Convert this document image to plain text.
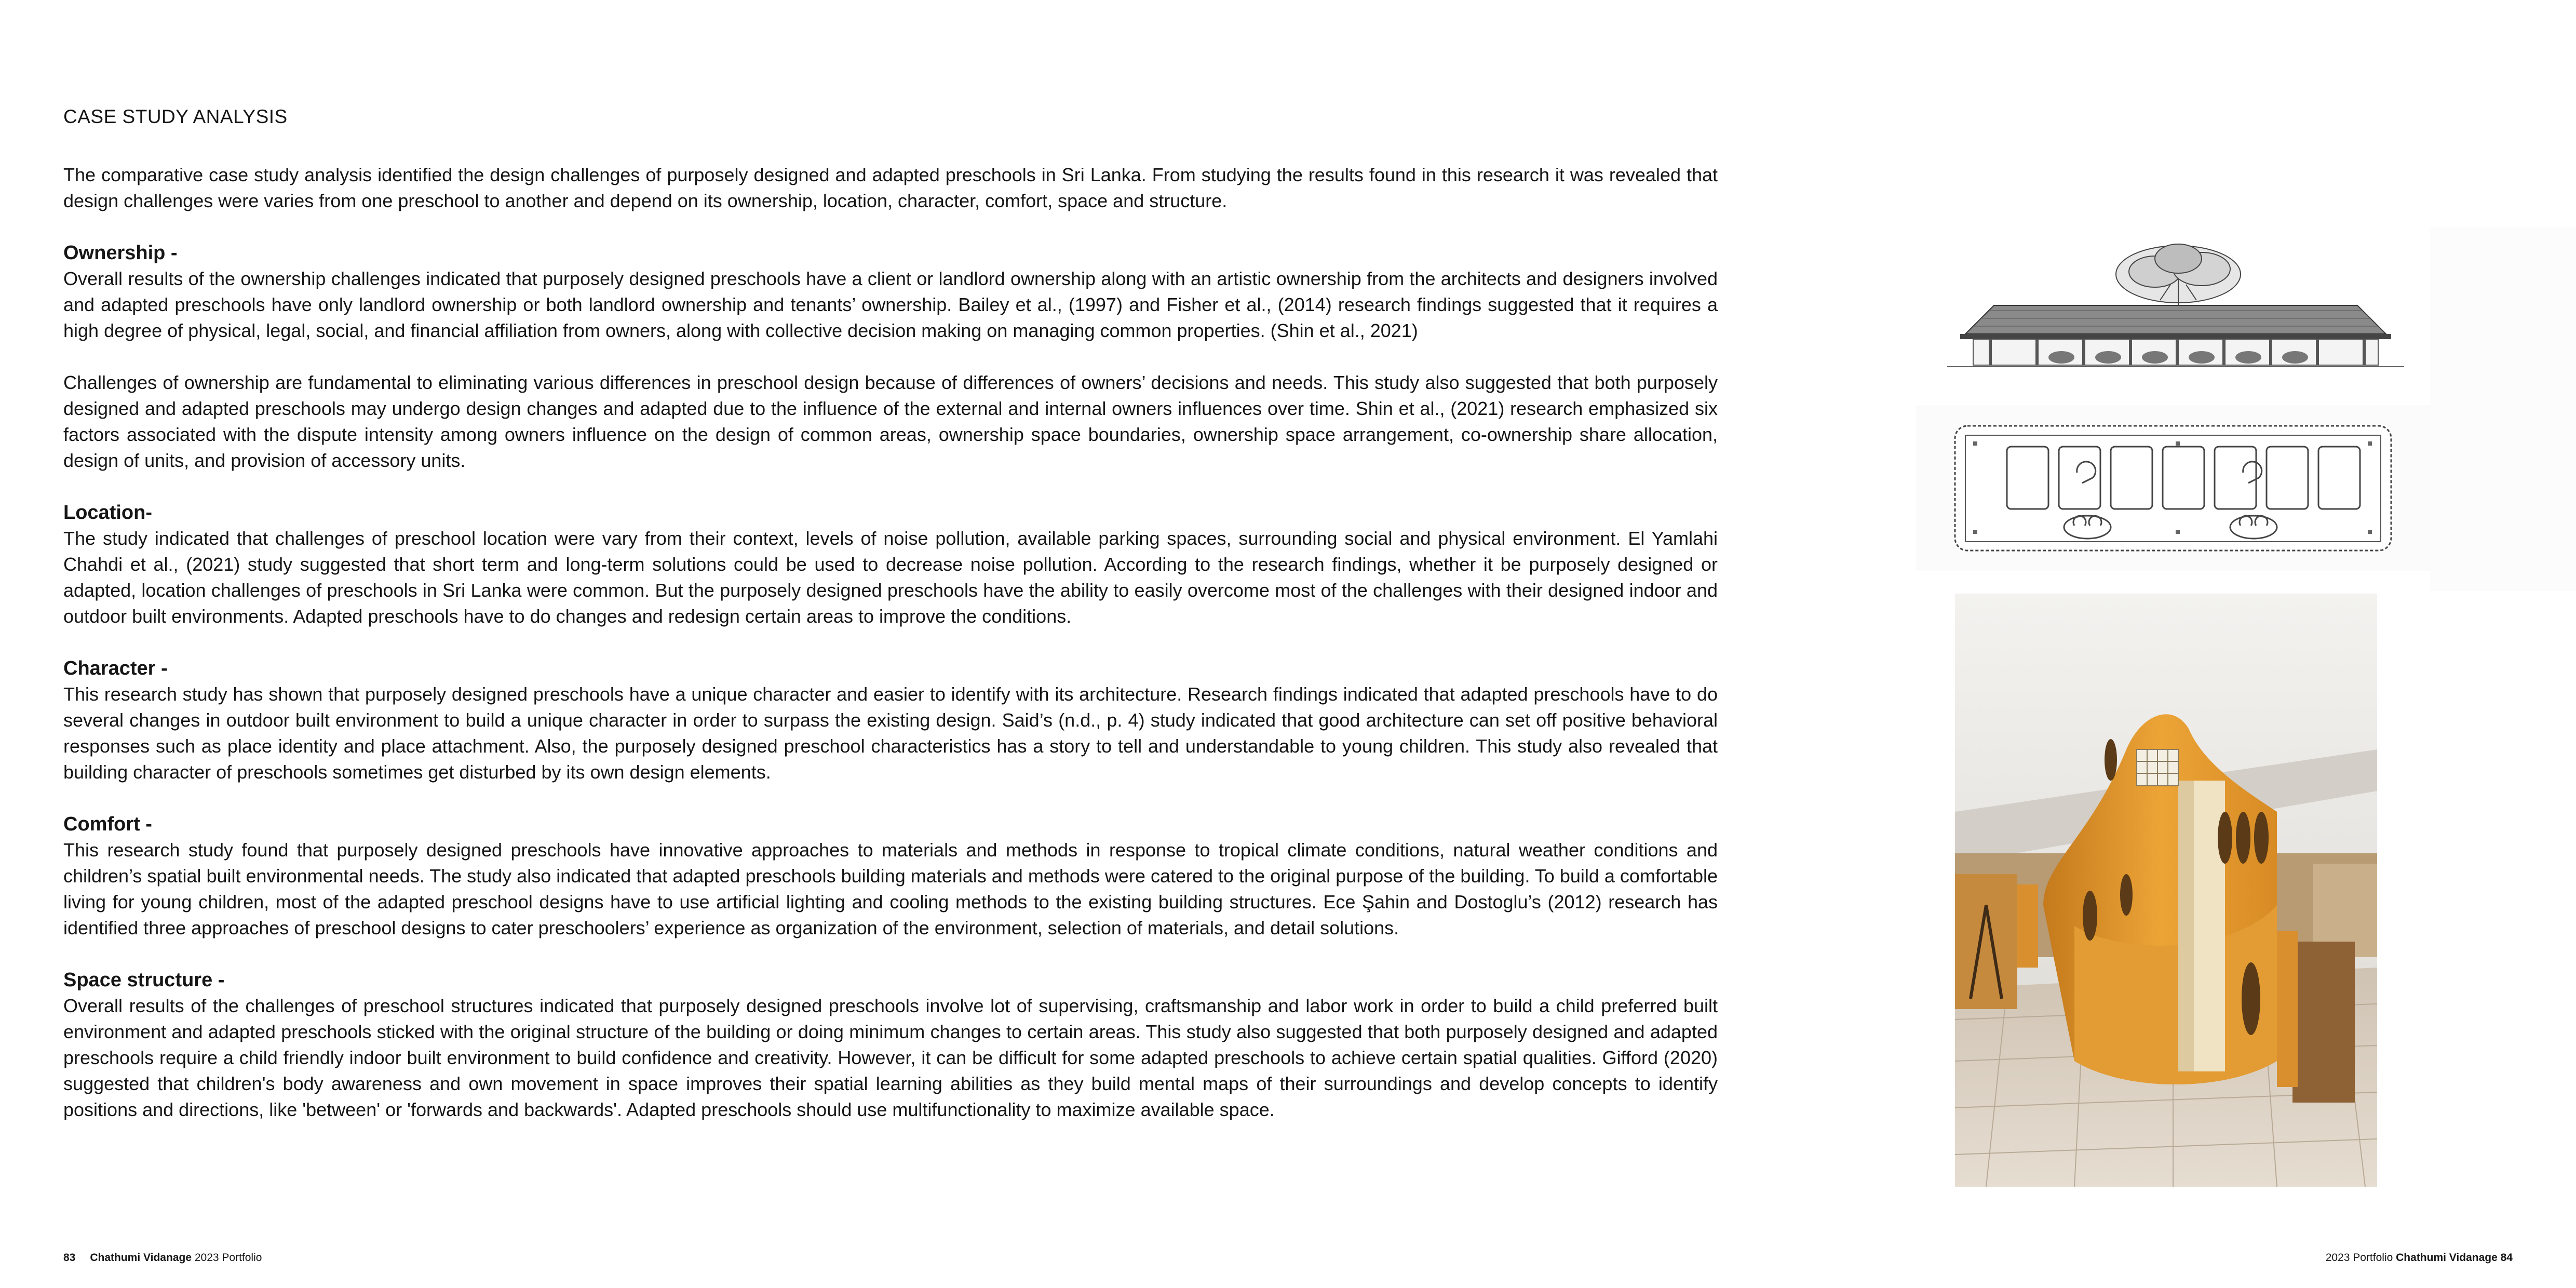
CASE STUDY ANALYSIS

The comparative case study analysis identified the design challenges of purposely designed and adapted preschools in Sri Lanka. From studying the results found in this research it was revealed that design challenges were varies from one preschool to another and depend on its ownership, location, character, comfort, space and structure.

Ownership -

Overall results of the ownership challenges indicated that purposely designed preschools have a client or landlord ownership along with an artistic ownership from the architects and designers involved and adapted preschools have only landlord ownership or both landlord ownership and tenants’ ownership. Bailey et al., (1997) and Fisher et al., (2014) research findings suggested that it requires a high degree of physical, legal, social, and financial affiliation from owners, along with collective decision making on managing common properties. (Shin et al., 2021)

Challenges of ownership are fundamental to eliminating various differences in preschool design because of differences of owners’ decisions and needs. This study also suggested that both purposely designed and adapted preschools may undergo design changes and adapted due to the influence of the external and internal owners influences over time. Shin et al., (2021) research emphasized six factors associated with the dispute intensity among owners influence on the design of common areas, ownership space boundaries, ownership space arrangement, co-ownership share allocation, design of units, and provision of accessory units.

Location-

The study indicated that challenges of preschool location were vary from their context, levels of noise pollution, available parking spaces, surrounding social and physical environment. El Yamlahi Chahdi et al., (2021) study suggested that short term and long-term solutions could be used to decrease noise pollution. According to the research findings, whether it be purposely designed or adapted, location challenges of preschools in Sri Lanka were common. But the purposely designed preschools have the ability to easily overcome most of the challenges with their designed indoor and outdoor built environments. Adapted preschools have to do changes and redesign certain areas to improve the conditions.

Character -

This research study has shown that purposely designed preschools have a unique character and easier to identify with its architecture. Research findings indicated that adapted preschools have to do several changes in outdoor built environment to build a unique character in order to surpass the existing design. Said’s (n.d., p. 4) study indicated that good architecture can set off positive behavioral responses such as place identity and place attachment. Also, the purposely designed preschool characteristics has a story to tell and understandable to young children. This study also revealed that building character of preschools sometimes get disturbed by its own design elements.

Comfort -

This research study found that purposely designed preschools have innovative approaches to materials and methods in response to tropical climate conditions, natural weather conditions and children’s spatial built environmental needs. The study also indicated that adapted preschools building materials and methods were catered to the original purpose of the building. To build a comfortable living for young children, most of the adapted preschool designs have to use artificial lighting and cooling methods to the existing building structures. Ece Şahin and Dostoglu’s (2012) research has identified three approaches of preschool designs to cater preschoolers’ experience as organization of the environment, selection of materials, and detail solutions.

Space structure -

Overall results of the challenges of preschool structures indicated that purposely designed preschools involve lot of supervising, craftsmanship and labor work in order to build a child preferred built environment and adapted preschools sticked with the original structure of the building or doing minimum changes to certain areas. This study also suggested that both purposely designed and adapted preschools require a child friendly indoor built environment to build confidence and creativity. However, it can be difficult for some adapted preschools to achieve certain spatial qualities. Gifford (2020) suggested that children's body awareness and own movement in space improves their spatial learning abilities as they build mental maps of their surroundings and develop concepts to identify positions and directions, like 'between' or 'forwards and backwards'. Adapted preschools should use multifunctionality to maximize available space.

83 Chathumi Vidanage 2023 Portfolio	2023 Portfolio Chathumi Vidanage 84
